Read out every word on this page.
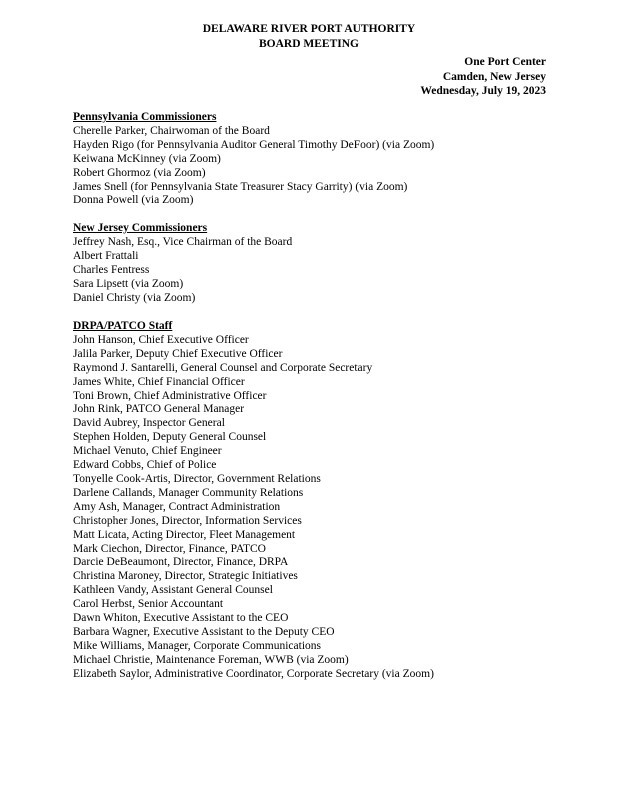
DELAWARE RIVER PORT AUTHORITY
BOARD MEETING
One Port Center
Camden, New Jersey
Wednesday, July 19, 2023
Pennsylvania Commissioners
Cherelle Parker, Chairwoman of the Board
Hayden Rigo (for Pennsylvania Auditor General Timothy DeFoor) (via Zoom)
Keiwana McKinney (via Zoom)
Robert Ghormoz (via Zoom)
James Snell (for Pennsylvania State Treasurer Stacy Garrity) (via Zoom)
Donna Powell (via Zoom)
New Jersey Commissioners
Jeffrey Nash, Esq., Vice Chairman of the Board
Albert Frattali
Charles Fentress
Sara Lipsett (via Zoom)
Daniel Christy (via Zoom)
DRPA/PATCO Staff
John Hanson, Chief Executive Officer
Jalila Parker, Deputy Chief Executive Officer
Raymond J. Santarelli, General Counsel and Corporate Secretary
James White, Chief Financial Officer
Toni Brown, Chief Administrative Officer
John Rink, PATCO General Manager
David Aubrey, Inspector General
Stephen Holden, Deputy General Counsel
Michael Venuto, Chief Engineer
Edward Cobbs, Chief of Police
Tonyelle Cook-Artis, Director, Government Relations
Darlene Callands, Manager Community Relations
Amy Ash, Manager, Contract Administration
Christopher Jones, Director, Information Services
Matt Licata, Acting Director, Fleet Management
Mark Ciechon, Director, Finance, PATCO
Darcie DeBeaumont, Director, Finance, DRPA
Christina Maroney, Director, Strategic Initiatives
Kathleen Vandy, Assistant General Counsel
Carol Herbst, Senior Accountant
Dawn Whiton, Executive Assistant to the CEO
Barbara Wagner, Executive Assistant to the Deputy CEO
Mike Williams, Manager, Corporate Communications
Michael Christie, Maintenance Foreman, WWB (via Zoom)
Elizabeth Saylor, Administrative Coordinator, Corporate Secretary (via Zoom)
